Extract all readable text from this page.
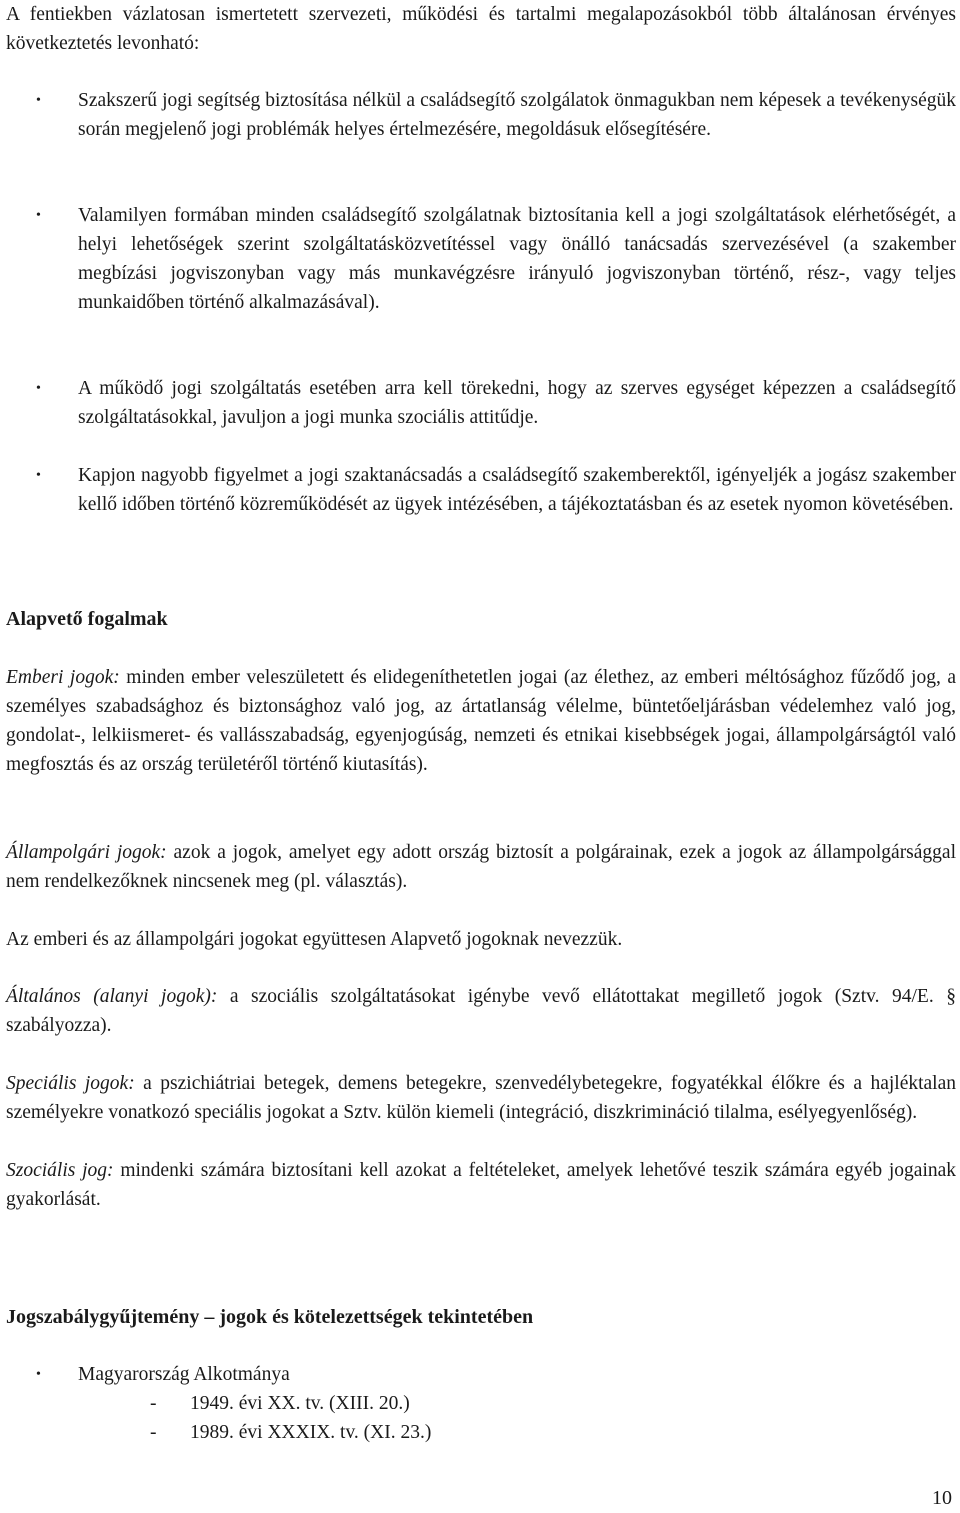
A fentiekben vázlatosan ismertetett szervezeti, működési és tartalmi megalapozásokból több általánosan érvényes következtetés levonható:

• Szakszerű jogi segítség biztosítása nélkül a családsegítő szolgálatok önmagukban nem képesek a tevékenységük során megjelenő jogi problémák helyes értelmezésére, megoldásuk elősegítésére.
• Valamilyen formában minden családsegítő szolgálatnak biztosítania kell a jogi szolgáltatások elérhetőségét, a helyi lehetőségek szerint szolgáltatásközvetítéssel vagy önálló tanácsadás szervezésével (a szakember megbízási jogviszonyban vagy más munkavégzésre irányuló jogviszonyban történő, rész-, vagy teljes munkaidőben történő alkalmazásával).
• A működő jogi szolgáltatás esetében arra kell törekedni, hogy az szerves egységet képezzen a családsegítő szolgáltatásokkal, javuljon a jogi munka szociális attitűdje.
• Kapjon nagyobb figyelmet a jogi szaktanácsadás a családsegítő szakemberektől, igényeljék a jogász szakember kellő időben történő közreműködését az ügyek intézésében, a tájékoztatásban és az esetek nyomon követésében.
Alapvető fogalmak

Emberi jogok: minden ember veleszületett és elidegeníthetetlen jogai (az élethez, az emberi méltósághoz fűződő jog, a személyes szabadsághoz és biztonsághoz való jog, az ártatlanság vélelme, büntetőeljárásban védelemhez való jog, gondolat-, lelkiismeret- és vallásszabadság, egyenjogúság, nemzeti és etnikai kisebbségek jogai, állampolgárságtól való megfosztás és az ország területéről történő kiutasítás).

Állampolgári jogok: azok a jogok, amelyet egy adott ország biztosít a polgárainak, ezek a jogok az állampolgársággal nem rendelkezőknek nincsenek meg (pl. választás).

Az emberi és az állampolgári jogokat együttesen Alapvető jogoknak nevezzük.

Általános (alanyi jogok): a szociális szolgáltatásokat igénybe vevő ellátottakat megillető jogok (Sztv. 94/E. § szabályozza).

Speciális jogok: a pszichiátriai betegek, demens betegekre, szenvedélybetegekre, fogyatékkal élőkre és a hajléktalan személyekre vonatkozó speciális jogokat a Sztv. külön kiemeli (integráció, diszkrimináció tilalma, esélyegyenlőség).

Szociális jog: mindenki számára biztosítani kell azokat a feltételeket, amelyek lehetővé teszik számára egyéb jogainak gyakorlását.

Jogszabálygyűjtemény – jogok és kötelezettségek tekintetében
• Magyarország Alkotmánya
- 1949. évi XX. tv. (XIII. 20.)
- 1989. évi XXXIX. tv. (XI. 23.)
10
